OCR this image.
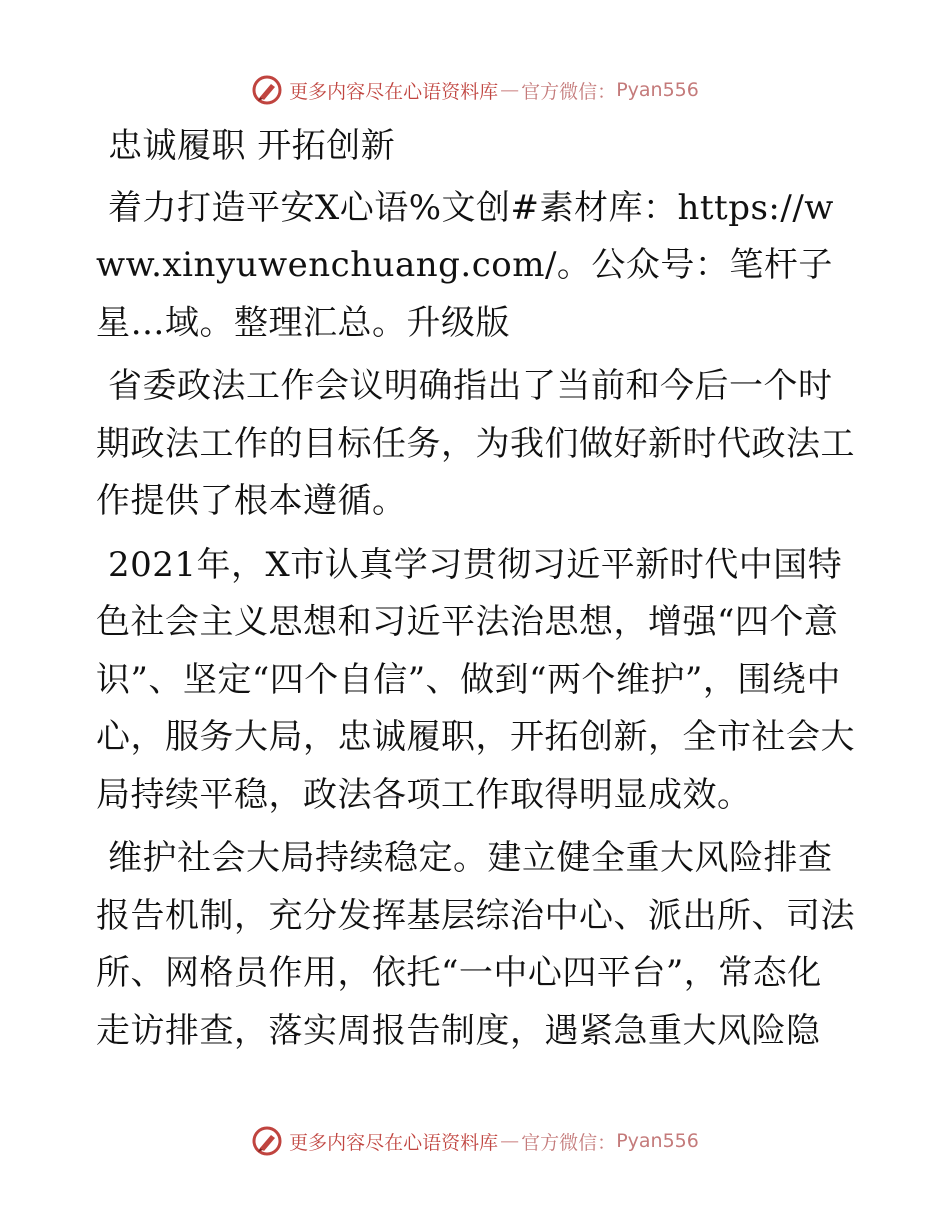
更多内容尽在心语资料库 — 官方微信： Pyan556

忠诚履职 开拓创新

着力打造平安X心语%文创#素材库：https://www.xinyuwenchuang.com/。公众号：笔杆子星…域。整理汇总。升级版

省委政法工作会议明确指出了当前和今后一个时期政法工作的目标任务，为我们做好新时代政法工作提供了根本遵循。

2021年，X市认真学习贯彻习近平新时代中国特色社会主义思想和习近平法治思想，增强“四个意识”、坚定“四个自信”、做到“两个维护”，围绕中心，服务大局，忠诚履职，开拓创新，全市社会大局持续平稳，政法各项工作取得明显成效。

维护社会大局持续稳定。建立健全重大风险排查报告机制，充分发挥基层综治中心、派出所、司法所、网格员作用，依托“一中心四平台”，常态化走访排查，落实周报告制度，遇紧急重大风险隐

更多内容尽在心语资料库 — 官方微信： Pyan556
